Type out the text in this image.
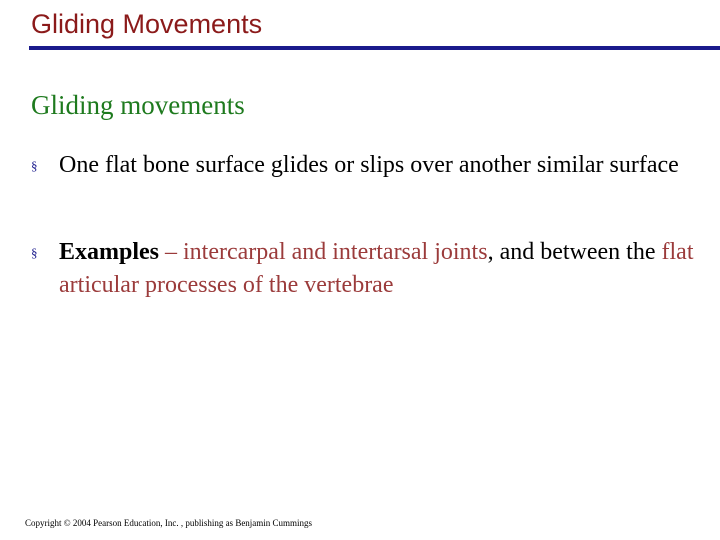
Gliding Movements
Gliding movements
§ One flat bone surface glides or slips over another similar surface
§ Examples – intercarpal and intertarsal joints, and between the flat articular processes of the vertebrae
Copyright © 2004 Pearson Education, Inc. , publishing as Benjamin Cummings
